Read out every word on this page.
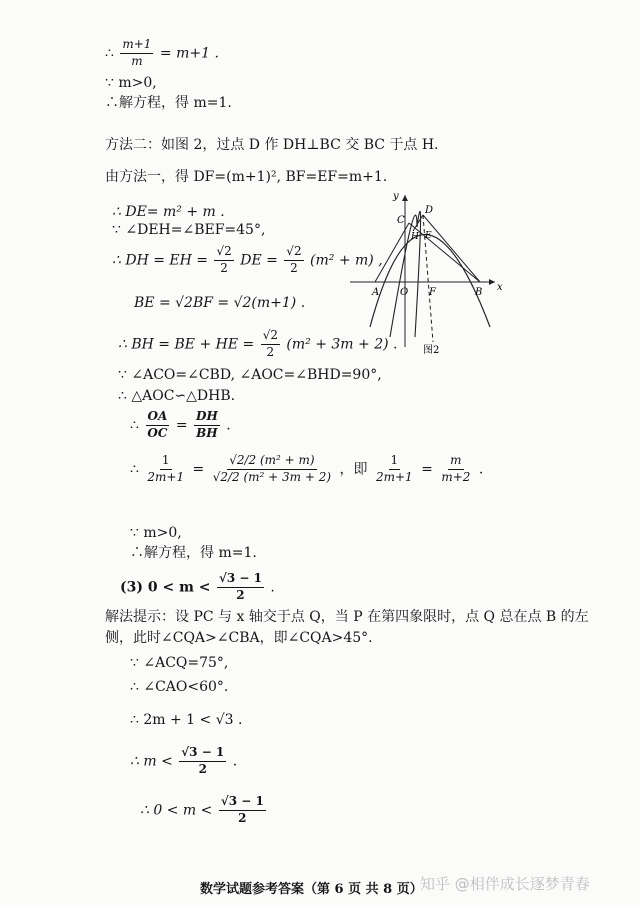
∴ $\frac{m+1}{m} = m+1$ .
∵ m>0,
∴解方程，得 m=1.
方法二：如图 2，过点 D 作 DH⊥BC 交 BC 于点 H.
由方法一，得 DF=(m+1)², BF=EF=m+1.
∴ DE= m² + m .
∵ ∠DEH=∠BEF=45°,
∴ DH = EH = $\frac{√2}{2}$ DE = $\frac{√2}{2} (m^2 + m)$ ,
BE = √2BF = √2(m+1) .
∴ BH = BE + HE = $\frac{√2}{2} (m^2 + 3m + 2)$ .
∵ ∠ACO=∠CBD, ∠AOC=∠BHD=90°,
∴ △AOC∽△DHB.
∴ $\frac{OA}{OC} = \frac{DH}{BH}$ .
∴ $\frac{1}{2m+1} = \frac{\text{√2/2 (m² + m)}}{\text{√2/2 (m² + 3m + 2)}}$ ，即 $\frac{1}{2m+1} = \frac{m}{m+2}$ .
∵ m>0,
∴解方程，得 m=1.
(3) $0 < m < \frac{√3 - 1}{2}$ .
解法提示：设 PC 与 x 轴交于点 Q，当 P 在第四象限时，点 Q 总在点 B 的左
侧，此时∠CQA>∠CBA，即∠CQA>45°.
∵ ∠ACQ=75°,
∴ ∠CAO<60°.
∴ 2m + 1 < √3 .
∴ $m < \frac{√3 - 1}{2}$ .
∴ $0 < m < \frac{√3 - 1}{2}$
y
x
C
D
H E
A O F	B
图2
数学试题参考答案（第 6 页 共 8 页）
知乎 @相伴成长逐梦青春
